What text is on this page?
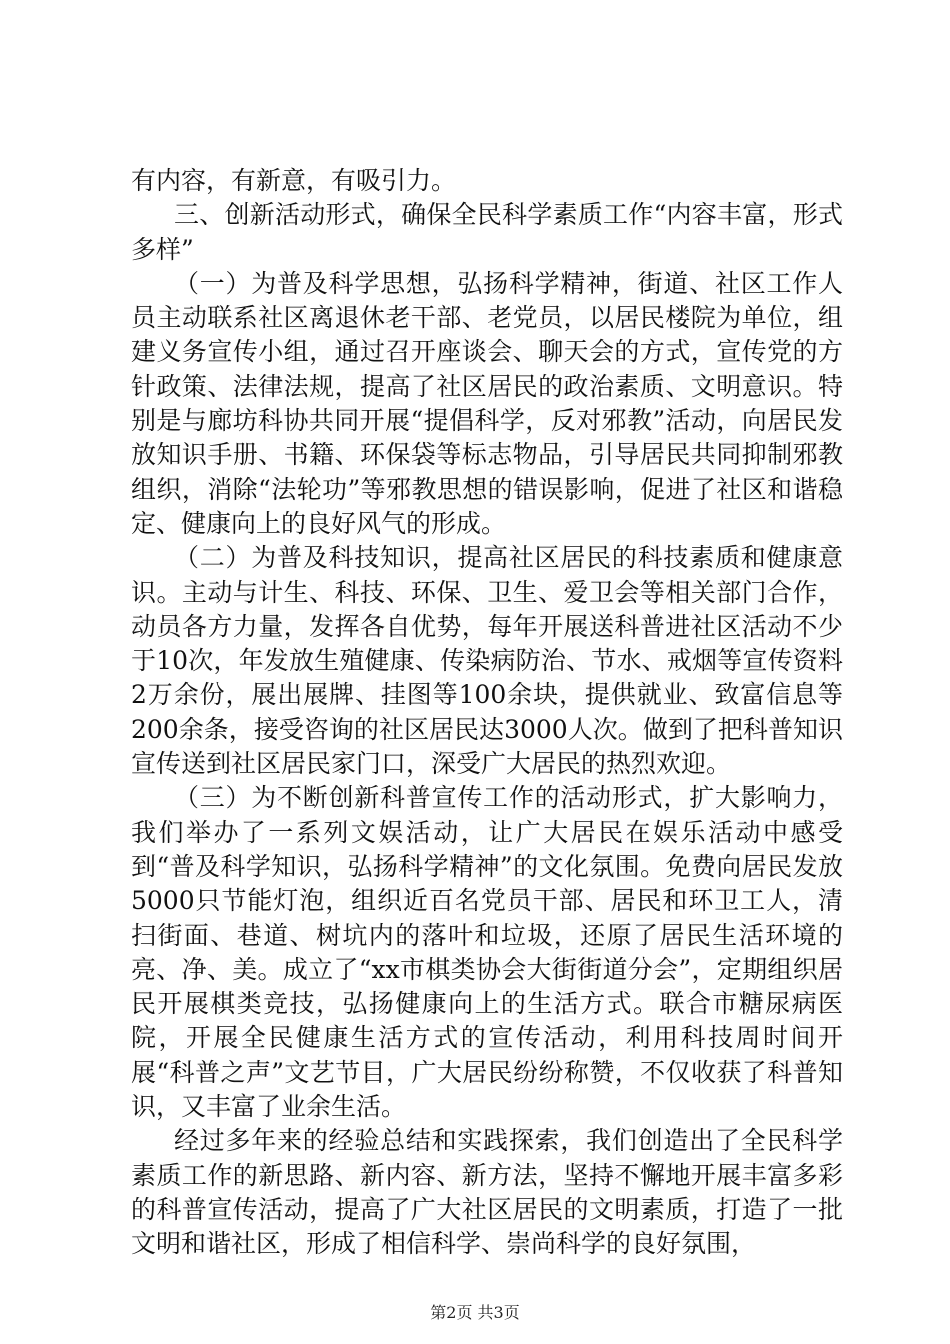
有内容，有新意，有吸引力。

三、创新活动形式，确保全民科学素质工作“内容丰富，形式多样”

（一）为普及科学思想，弘扬科学精神，街道、社区工作人员主动联系社区离退休老干部、老党员，以居民楼院为单位，组建义务宣传小组，通过召开座谈会、聊天会的方式，宣传党的方针政策、法律法规，提高了社区居民的政治素质、文明意识。特别是与廊坊科协共同开展“提倡科学，反对邪教”活动，向居民发放知识手册、书籍、环保袋等标志物品，引导居民共同抑制邪教组织，消除“法轮功”等邪教思想的错误影响，促进了社区和谐稳定、健康向上的良好风气的形成。

（二）为普及科技知识，提高社区居民的科技素质和健康意识。主动与计生、科技、环保、卫生、爱卫会等相关部门合作，动员各方力量，发挥各自优势，每年开展送科普进社区活动不少于10次，年发放生殖健康、传染病防治、节水、戒烟等宣传资料2万余份，展出展牌、挂图等100余块，提供就业、致富信息等200余条，接受咨询的社区居民达3000人次。做到了把科普知识宣传送到社区居民家门口，深受广大居民的热烈欢迎。

（三）为不断创新科普宣传工作的活动形式，扩大影响力，我们举办了一系列文娱活动，让广大居民在娱乐活动中感受到“普及科学知识，弘扬科学精神”的文化氛围。免费向居民发放5000只节能灯泡，组织近百名党员干部、居民和环卫工人，清扫街面、巷道、树坑内的落叶和垃圾，还原了居民生活环境的亮、净、美。成立了“xx市棋类协会大街街道分会”，定期组织居民开展棋类竞技，弘扬健康向上的生活方式。联合市糖尿病医院，开展全民健康生活方式的宣传活动，利用科技周时间开展“科普之声”文艺节目，广大居民纷纷称赞，不仅收获了科普知识，又丰富了业余生活。

经过多年来的经验总结和实践探索，我们创造出了全民科学素质工作的新思路、新内容、新方法，坚持不懈地开展丰富多彩的科普宣传活动，提高了广大社区居民的文明素质，打造了一批文明和谐社区，形成了相信科学、崇尚科学的良好氛围，

第2页 共3页
